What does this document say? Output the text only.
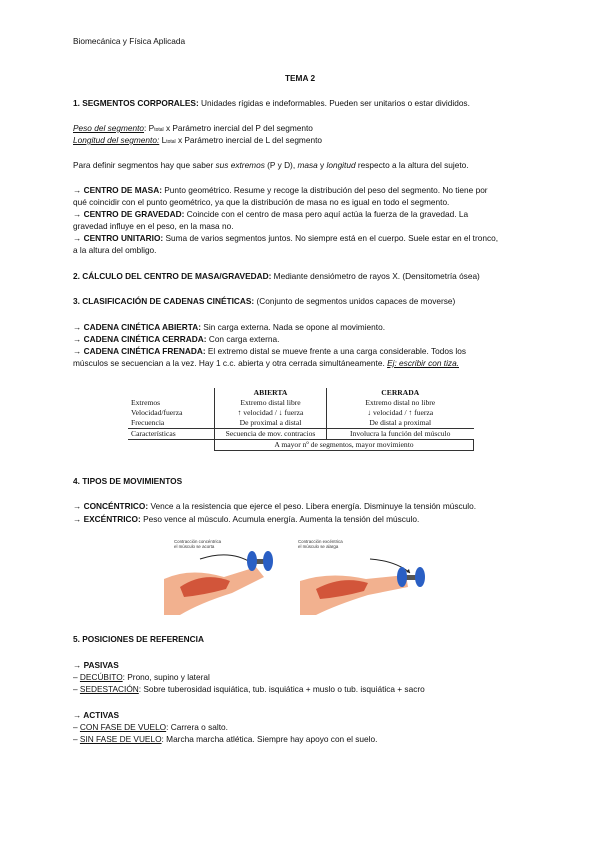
Biomecánica y Física Aplicada
TEMA 2
1. SEGMENTOS CORPORALES: Unidades rígidas e indeformables. Pueden ser unitarios o estar divididos.
Peso del segmento: Ptotal x Parámetro inercial del P del segmento
Longitud del segmento: Ltotal x Parámetro inercial de L del segmento
Para definir segmentos hay que saber sus extremos (P y D), masa y longitud respecto a la altura del sujeto.
→ CENTRO DE MASA: Punto geométrico. Resume y recoge la distribución del peso del segmento. No tiene por
qué coincidir con el punto geométrico, ya que la distribución de masa no es igual en todo el segmento.
→ CENTRO DE GRAVEDAD: Coincide con el centro de masa pero aquí actúa la fuerza de la gravedad. La
gravedad influye en el peso, en la masa no.
→ CENTRO UNITARIO: Suma de varios segmentos juntos. No siempre está en el cuerpo. Suele estar en el tronco,
a la altura del ombligo.
2. CÁLCULO DEL CENTRO DE MASA/GRAVEDAD: Mediante densiómetro de rayos X. (Densitometría ósea)
3. CLASIFICACIÓN DE CADENAS CINÉTICAS: (Conjunto de segmentos unidos capaces de moverse)
→ CADENA CINÉTICA ABIERTA: Sin carga externa. Nada se opone al movimiento.
→ CADENA CINÉTICA CERRADA: Con carga externa.
→ CADENA CINÉTICA FRENADA: El extremo distal se mueve frente a una carga considerable. Todos los
músculos se secuencian a la vez. Hay 1 c.c. abierta y otra cerrada simultáneamente. Ej: escribir con tiza.
	ABIERTA	CERRADA
Extremos	Extremo distal libre	Extremo distal no libre
Velocidad/fuerza	↑ velocidad / ↓ fuerza	↓ velocidad / ↑ fuerza
Frecuencia	De proximal a distal	De distal a proximal
Características	Secuencia de mov. contracios	Involucra la función del músculo
	A mayor nº de segmentos, mayor movimiento	
4. TIPOS DE MOVIMIENTOS
→ CONCÉNTRICO: Vence a la resistencia que ejerce el peso. Libera energía. Disminuye la tensión músculo.
→ EXCÉNTRICO: Peso vence al músculo. Acumula energía. Aumenta la tensión del músculo.
Contracción concéntrica
el músculo se acorta
Contracción excéntrica
el músculo se alarga
5. POSICIONES DE REFERENCIA
→ PASIVAS
– DECÚBITO: Prono, supino y lateral
– SEDESTACIÓN: Sobre tuberosidad isquiática, tub. isquiática + muslo o tub. isquiática + sacro
→ ACTIVAS
– CON FASE DE VUELO: Carrera o salto.
– SIN FASE DE VUELO: Marcha marcha atlética. Siempre hay apoyo con el suelo.
